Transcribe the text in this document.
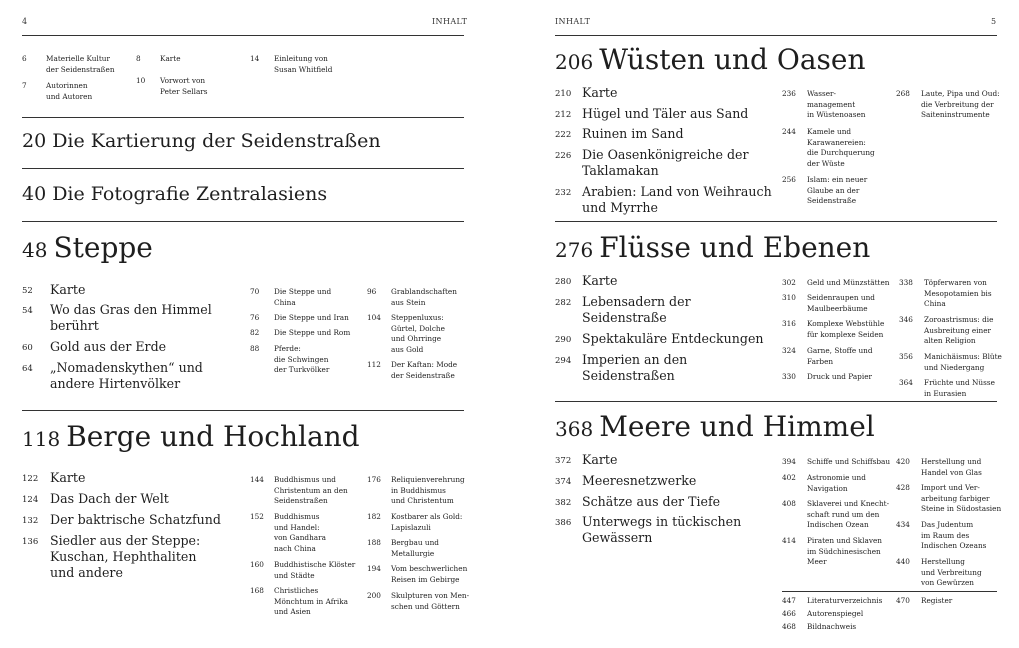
4	INHALT
6	Materielle Kultur
der Seidenstraßen
7	Autorinnen
und Autoren
8	Karte
10 Vorwort von
Peter Sellars
14 Einleitung von
Susan Whitfield
20 Die Kartierung der Seidenstraßen
40 Die Fotografie Zentralasiens
48 Steppe
52 Karte
54 Wo das Gras den Himmel
berührt
60 Gold aus der Erde
64 „Nomadenskythen“ und
andere Hirtenvölker
70 Die Steppe und
China
76 Die Steppe und Iran
82 Die Steppe und Rom
88 Pferde:
die Schwingen
der Turkvölker
96 Grablandschaften
aus Stein
104 Steppenluxus:
Gürtel, Dolche
und Ohrringe
aus Gold
112 Der Kaftan: Mode
der Seidenstraße
118 Berge und Hochland
122 Karte
124 Das Dach der Welt
132 Der baktrische Schatzfund
136 Siedler aus der Steppe:
Kuschan, Hephthaliten
und andere
144 Buddhismus und
Christentum an den
Seidenstraßen
152 Buddhismus
und Handel:
von Gandhara
nach China
160 Buddhistische Klöster
und Städte
168 Christliches
Mönchtum in Afrika
und Asien
176 Reliquienverehrung
in Buddhismus
und Christentum
182 Kostbarer als Gold:
Lapislazuli
188 Bergbau und
Metallurgie
194 Vom beschwerlichen
Reisen im Gebirge
200 Skulpturen von Men-
schen und Göttern
INHALT	5
206 Wüsten und Oasen
210 Karte
212 Hügel und Täler aus Sand
222 Ruinen im Sand
226 Die Oasenkönigreiche der
Taklamakan
232 Arabien: Land von Weihrauch
und Myrrhe
236 Wasser-
management
in Wüstenoasen
244 Kamele und
Karawanereien:
die Durchquerung
der Wüste
256 Islam: ein neuer
Glaube an der
Seidenstraße
268 Laute, Pipa und Oud:
die Verbreitung der
Saiteninstrumente
276 Flüsse und Ebenen
280 Karte
282 Lebensadern der
Seidenstraße
290 Spektakuläre Entdeckungen
294 Imperien an den
Seidenstraßen
302 Geld und Münzstätten
310 Seidenraupen und
Maulbeerbäume
316 Komplexe Webstühle
für komplexe Seiden
324 Garne, Stoffe und
Farben
330 Druck und Papier
338 Töpferwaren von
Mesopotamien bis
China
346 Zoroastrismus: die
Ausbreitung einer
alten Religion
356 Manichäismus: Blüte
und Niedergang
364 Früchte und Nüsse
in Eurasien
368 Meere und Himmel
372 Karte
374 Meeresnetzwerke
382 Schätze aus der Tiefe
386 Unterwegs in tückischen
Gewässern
394 Schiffe und Schiffsbau
402 Astronomie und
Navigation
408 Sklaverei und Knecht-
schaft rund um den
Indischen Ozean
414 Piraten und Sklaven
im Südchinesischen
Meer
420 Herstellung und
Handel von Glas
428 Import und Ver-
arbeitung farbiger
Steine in Südostasien
434 Das Judentum
im Raum des
Indischen Ozeans
440 Herstellung
und Verbreitung
von Gewürzen
447 Literaturverzeichnis
466 Autorenspiegel
468 Bildnachweis
470 Register
